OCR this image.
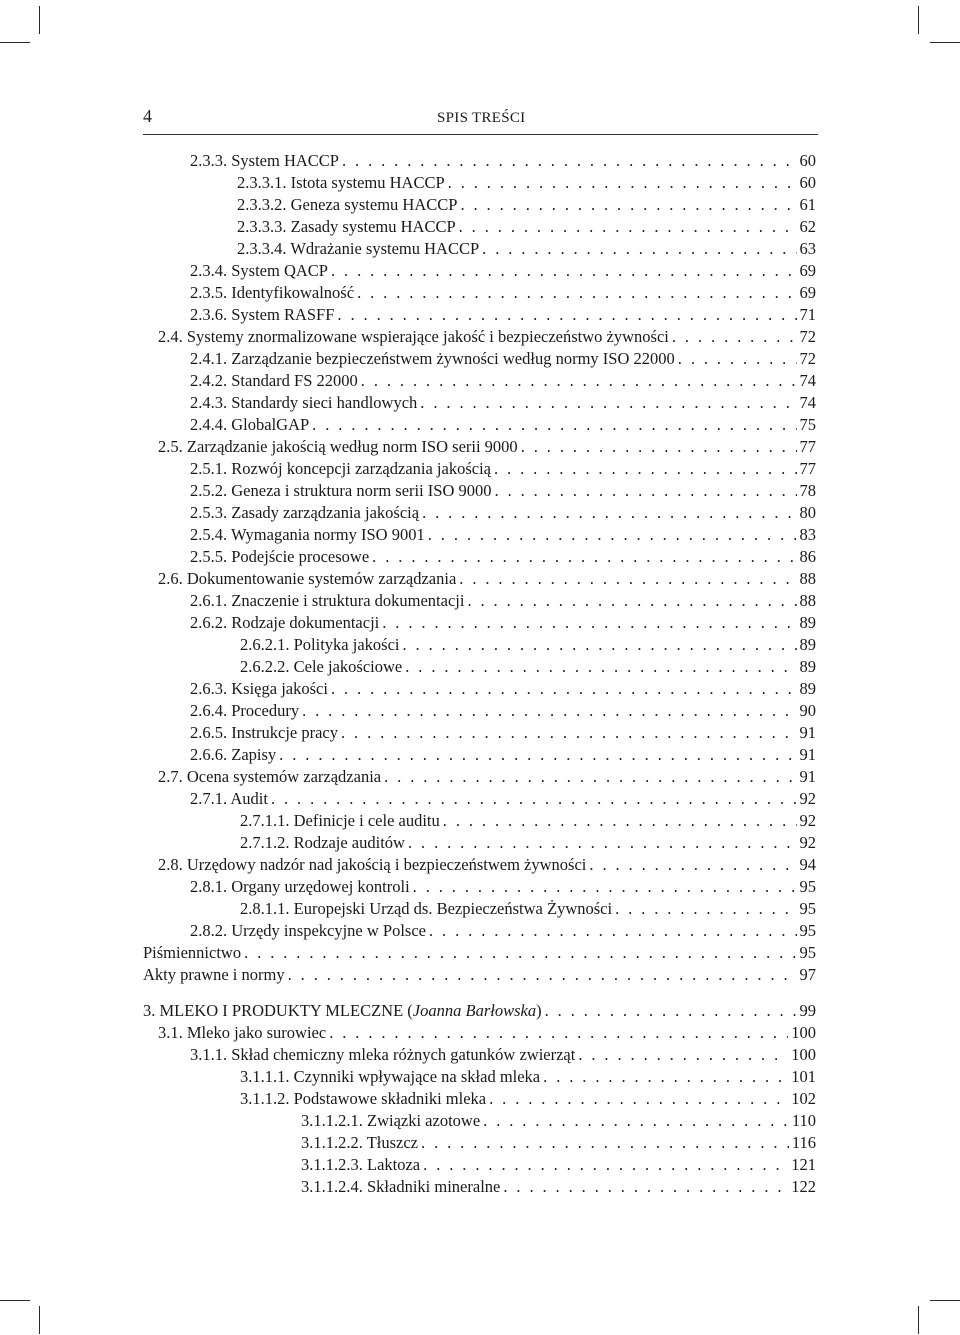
4	SPIS TREŚCI
2.3.3. System HACCP . . .	60
2.3.3.1. Istota systemu HACCP . . .	60
2.3.3.2. Geneza systemu HACCP . . .	61
2.3.3.3. Zasady systemu HACCP . . .	62
2.3.3.4. Wdrażanie systemu HACCP . . .	63
2.3.4. System QACP . . .	69
2.3.5. Identyfikowalność . . .	69
2.3.6. System RASFF . . .	71
2.4. Systemy znormalizowane wspierające jakość i bezpieczeństwo żywności . . .	72
2.4.1. Zarządzanie bezpieczeństwem żywności według normy ISO 22000 . . .	72
2.4.2. Standard FS 22000 . . .	74
2.4.3. Standardy sieci handlowych . . .	74
2.4.4. GlobalGAP . . .	75
2.5. Zarządzanie jakością według norm ISO serii 9000 . . .	77
2.5.1. Rozwój koncepcji zarządzania jakością . . .	77
2.5.2. Geneza i struktura norm serii ISO 9000 . . .	78
2.5.3. Zasady zarządzania jakością . . .	80
2.5.4. Wymagania normy ISO 9001 . . .	83
2.5.5. Podejście procesowe . . .	86
2.6. Dokumentowanie systemów zarządzania . . .	88
2.6.1. Znaczenie i struktura dokumentacji . . .	88
2.6.2. Rodzaje dokumentacji . . .	89
2.6.2.1. Polityka jakości . . .	89
2.6.2.2. Cele jakościowe . . .	89
2.6.3. Księga jakości . . .	89
2.6.4. Procedury . . .	90
2.6.5. Instrukcje pracy . . .	91
2.6.6. Zapisy . . .	91
2.7. Ocena systemów zarządzania . . .	91
2.7.1. Audit . . .	92
2.7.1.1. Definicje i cele auditu . . .	92
2.7.1.2. Rodzaje auditów . . .	92
2.8. Urzędowy nadzór nad jakością i bezpieczeństwem żywności . . .	94
2.8.1. Organy urzędowej kontroli . . .	95
2.8.1.1. Europejski Urząd ds. Bezpieczeństwa Żywności . . .	95
2.8.2. Urzędy inspekcyjne w Polsce . . .	95
Piśmiennictwo . . .	95
Akty prawne i normy . . .	97
3. MLEKO I PRODUKTY MLECZNE (Joanna Barłowska) . . .	99
3.1. Mleko jako surowiec . . .	100
3.1.1. Skład chemiczny mleka różnych gatunków zwierząt . . .	100
3.1.1.1. Czynniki wpływające na skład mleka . . .	101
3.1.1.2. Podstawowe składniki mleka . . .	102
3.1.1.2.1. Związki azotowe . . .	110
3.1.1.2.2. Tłuszcz . . .	116
3.1.1.2.3. Laktoza . . .	121
3.1.1.2.4. Składniki mineralne . . .	122
